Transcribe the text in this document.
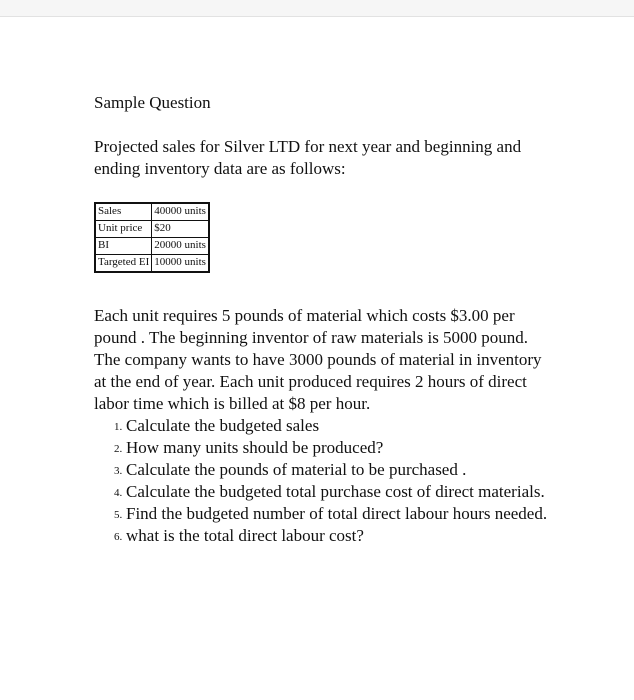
Sample Question

Projected sales for Silver LTD for next year and beginning and ending inventory data are as follows:

Sales	40000 units
Unit price	$20
BI	20000 units
Targeted EI	10000 units

Each unit requires 5 pounds of material which costs $3.00 per pound . The beginning inventor of raw materials is 5000 pound. The company wants to have 3000 pounds of material in inventory at the end of year. Each unit produced requires 2 hours of direct labor time which is billed at $8 per hour.

1. Calculate the budgeted sales
2. How many units should be produced?
3. Calculate the pounds of material to be purchased .
4. Calculate the budgeted total purchase cost of direct materials.
5. Find the budgeted number of total direct labour hours needed.
6. what is the total direct labour cost?
